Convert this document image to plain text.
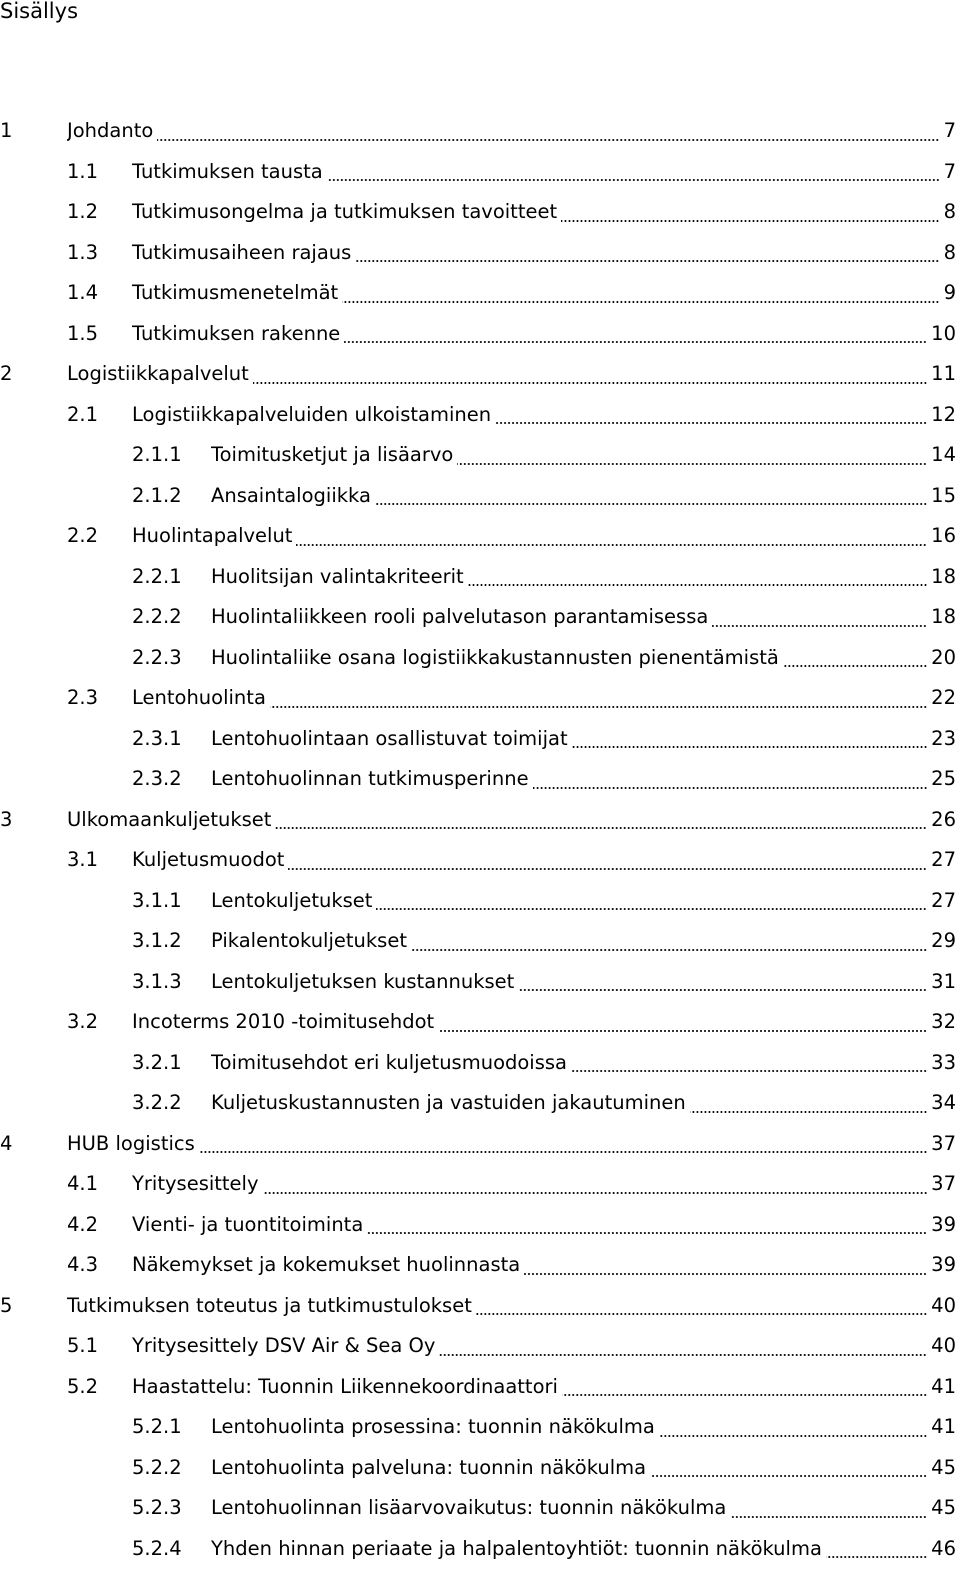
Sisällys
1	Johdanto	7
1.1 Tutkimuksen tausta	7
1.2 Tutkimusongelma ja tutkimuksen tavoitteet	8
1.3 Tutkimusaiheen rajaus	8
1.4 Tutkimusmenetelmät	9
1.5 Tutkimuksen rakenne	10
2	Logistiikkapalvelut	11
2.1 Logistiikkapalveluiden ulkoistaminen	12
2.1.1 Toimitusketjut ja lisäarvo	14
2.1.2 Ansaintalogiikka	15
2.2 Huolintapalvelut	16
2.2.1 Huolitsijan valintakriteerit	18
2.2.2 Huolintaliikkeen rooli palvelutason parantamisessa	18
2.2.3 Huolintaliike osana logistiikkakustannusten pienentämistä	20
2.3 Lentohuolinta	22
2.3.1 Lentohuolintaan osallistuvat toimijat	23
2.3.2 Lentohuolinnan tutkimusperinne	25
3	Ulkomaankuljetukset	26
3.1 Kuljetusmuodot	27
3.1.1 Lentokuljetukset	27
3.1.2 Pikalentokuljetukset	29
3.1.3 Lentokuljetuksen kustannukset	31
3.2 Incoterms 2010 -toimitusehdot	32
3.2.1 Toimitusehdot eri kuljetusmuodoissa	33
3.2.2 Kuljetuskustannusten ja vastuiden jakautuminen	34
4	HUB logistics	37
4.1 Yritysesittely	37
4.2 Vienti- ja tuontitoiminta	39
4.3 Näkemykset ja kokemukset huolinnasta	39
5	Tutkimuksen toteutus ja tutkimustulokset	40
5.1 Yritysesittely DSV Air & Sea Oy	40
5.2 Haastattelu: Tuonnin Liikennekoordinaattori	41
5.2.1 Lentohuolinta prosessina: tuonnin näkökulma	41
5.2.2 Lentohuolinta palveluna: tuonnin näkökulma	45
5.2.3 Lentohuolinnan lisäarvovaikutus: tuonnin näkökulma	45
5.2.4 Yhden hinnan periaate ja halpalentoyhtiöt: tuonnin näkökulma	46
